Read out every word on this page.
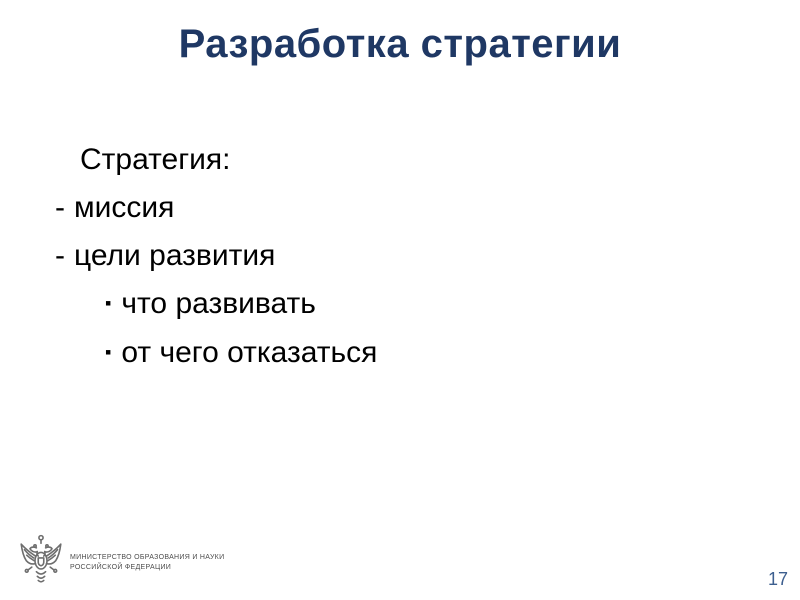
Разработка стратегии
Стратегия:
- миссия
- цели развития
▪ что развивать
▪ от чего отказаться
МИНИСТЕРСТВО ОБРАЗОВАНИЯ И НАУКИ
РОССИЙСКОЙ ФЕДЕРАЦИИ
17
